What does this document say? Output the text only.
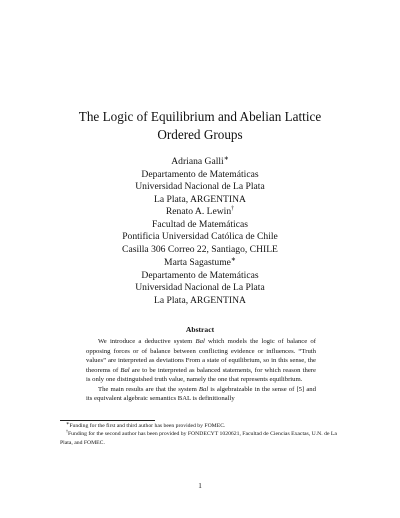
The Logic of Equilibrium and Abelian Lattice
Ordered Groups
Adriana Galli∗
Departamento de Matemáticas
Universidad Nacional de La Plata
La Plata, ARGENTINA
Renato A. Lewin†
Facultad de Matemáticas
Pontificia Universidad Católica de Chile
Casilla 306 Correo 22, Santiago, CHILE
Marta Sagastume∗
Departamento de Matemáticas
Universidad Nacional de La Plata
La Plata, ARGENTINA
Abstract

We introduce a deductive system Bal which models the logic of balance of opposing forces or of balance between conflicting evidence or influences. “Truth values” are interpreted as deviations From a state of equilibrium, so in this sense, the theorems of Bal are to be interpreted as balanced statements, for which reason there is only one distinguished truth value, namely the one that represents equilibrium.

The main results are that the system Bal is algebraizable in the sense of [5] and its equivalent algebraic semantics BAL is definitionally

∗Funding for the first and third author has been provided by FOMEC.

†Funding for the second author has been provided by FONDECYT 1020621, Facultad de Ciencias Exactas, U.N. de La Plata, and FOMEC.

1
